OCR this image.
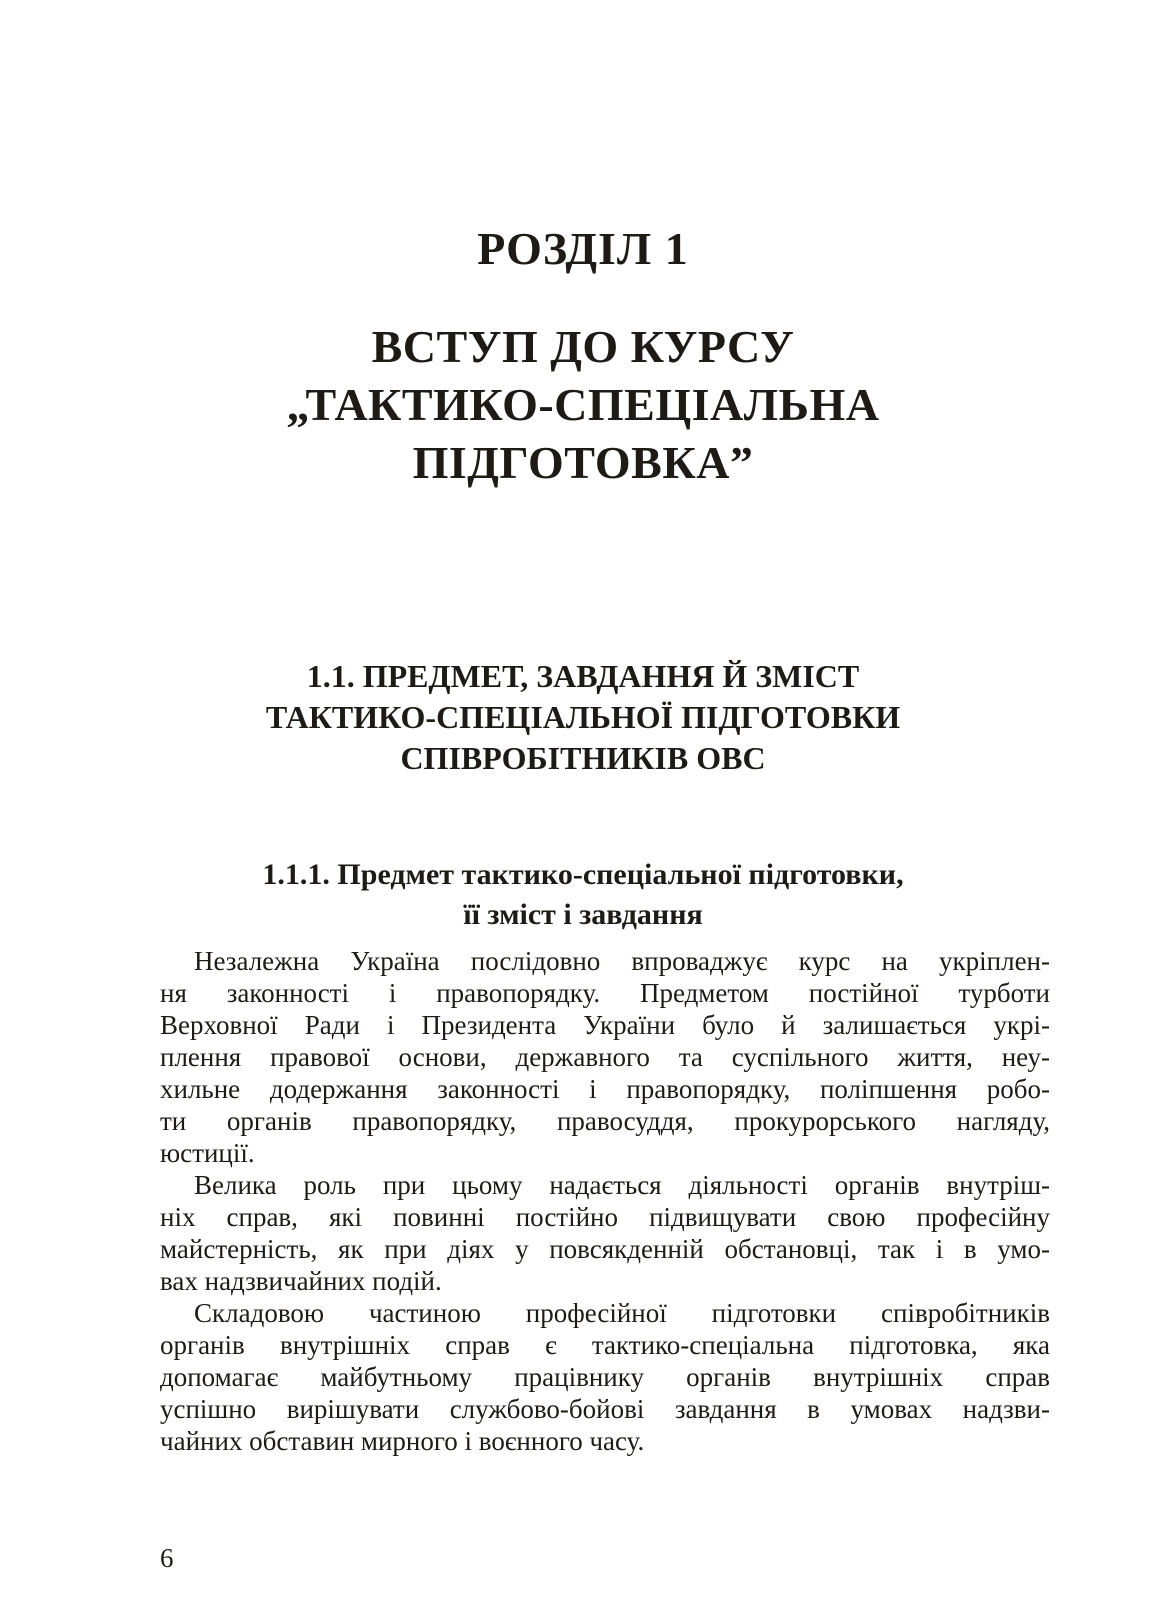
РОЗДІЛ 1
ВСТУП ДО КУРСУ
„ТАКТИКО-СПЕЦІАЛЬНА
ПІДГОТОВКА”
1.1. ПРЕДМЕТ, ЗАВДАННЯ Й ЗМІСТ
ТАКТИКО-СПЕЦІАЛЬНОЇ ПІДГОТОВКИ
СПІВРОБІТНИКІВ ОВС
1.1.1. Предмет тактико-спеціальної підготовки,
її зміст і завдання
Незалежна Україна послідовно впроваджує курс на укріплен-
ня законності і правопорядку. Предметом постійної турботи
Верховної Ради і Президента України було й залишається укрі-
плення правової основи, державного та суспільного життя, неу-
хильне додержання законності і правопорядку, поліпшення робо-
ти органів правопорядку, правосуддя, прокурорського нагляду,
юстиції.
Велика роль при цьому надається діяльності органів внутріш-
ніх справ, які повинні постійно підвищувати свою професійну
майстерність, як при діях у повсякденній обстановці, так і в умо-
вах надзвичайних подій.
Складовою частиною професійної підготовки співробітників
органів внутрішніх справ є тактико-спеціальна підготовка, яка
допомагає майбутньому працівнику органів внутрішніх справ
успішно вирішувати службово-бойові завдання в умовах надзви-
чайних обставин мирного і воєнного часу.
6
